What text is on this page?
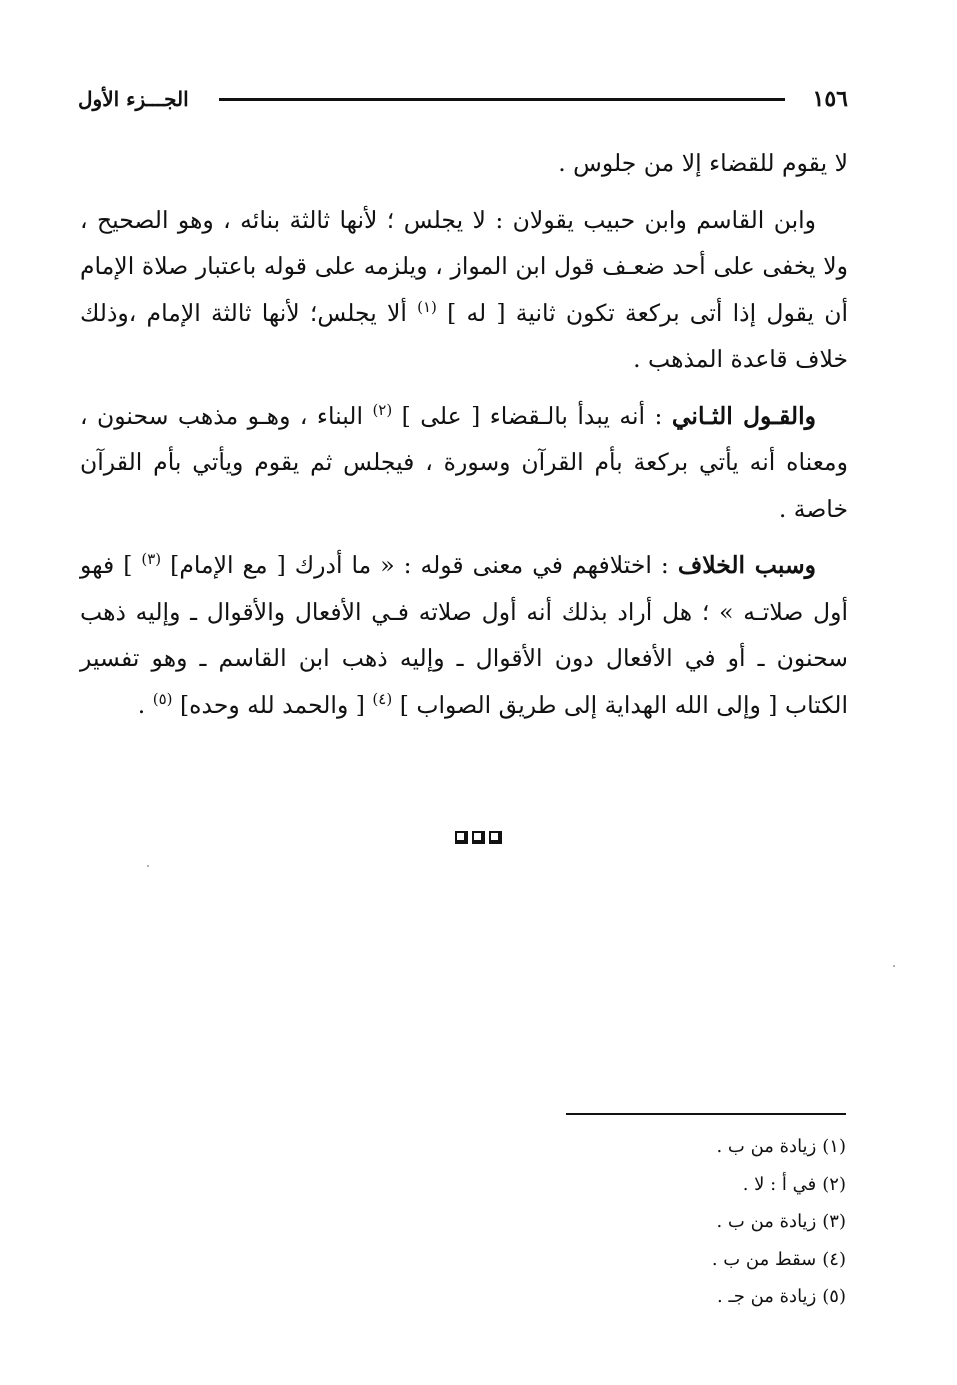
١٥٦
الجـــزء الأول

لا يقوم للقضاء إلا من جلوس .

وابن القاسم وابن حبيب يقولان : لا يجلس ؛ لأنها ثالثة بنائه ، وهو الصحيح ، ولا يخفى على أحد ضعـف قول ابن المواز ، ويلزمه على قوله باعتبار صلاة الإمام أن يقول إذا أتى بركعة تكون ثانية [ له ] $^{(١)}$ ألا يجلس؛ لأنها ثالثة الإمام ،وذلك خلاف قاعدة المذهب .

والقـول الثـاني : أنه يبدأ بالـقضاء [ على ] $^{(٢)}$ البناء ، وهـو مذهب سحنون ، ومعناه أنه يأتي بركعة بأم القرآن وسورة ، فيجلس ثم يقوم ويأتي بأم القرآن خاصة .

وسبب الخلاف : اختلافهم في معنى قوله : « ما أدرك [ مع الإمام] $^{(٣)}$ ] فهو أول صلاتـه » ؛ هل أراد بذلك أنه أول صلاته فـي الأفعال والأقوال ـ وإليه ذهب سحنون ـ أو في الأفعال دون الأقوال ـ وإليه ذهب ابن القاسم ـ وهو تفسير الكتاب [ وإلى الله الهداية إلى طريق الصواب ] $^{(٤)}$ [ والحمد لله وحده] $^{(٥)}$ .

(١)زيادة من ب .
(٢)في أ : لا .
(٣)زيادة من ب .
(٤)سقط من ب .
(٥)زيادة من جـ .
